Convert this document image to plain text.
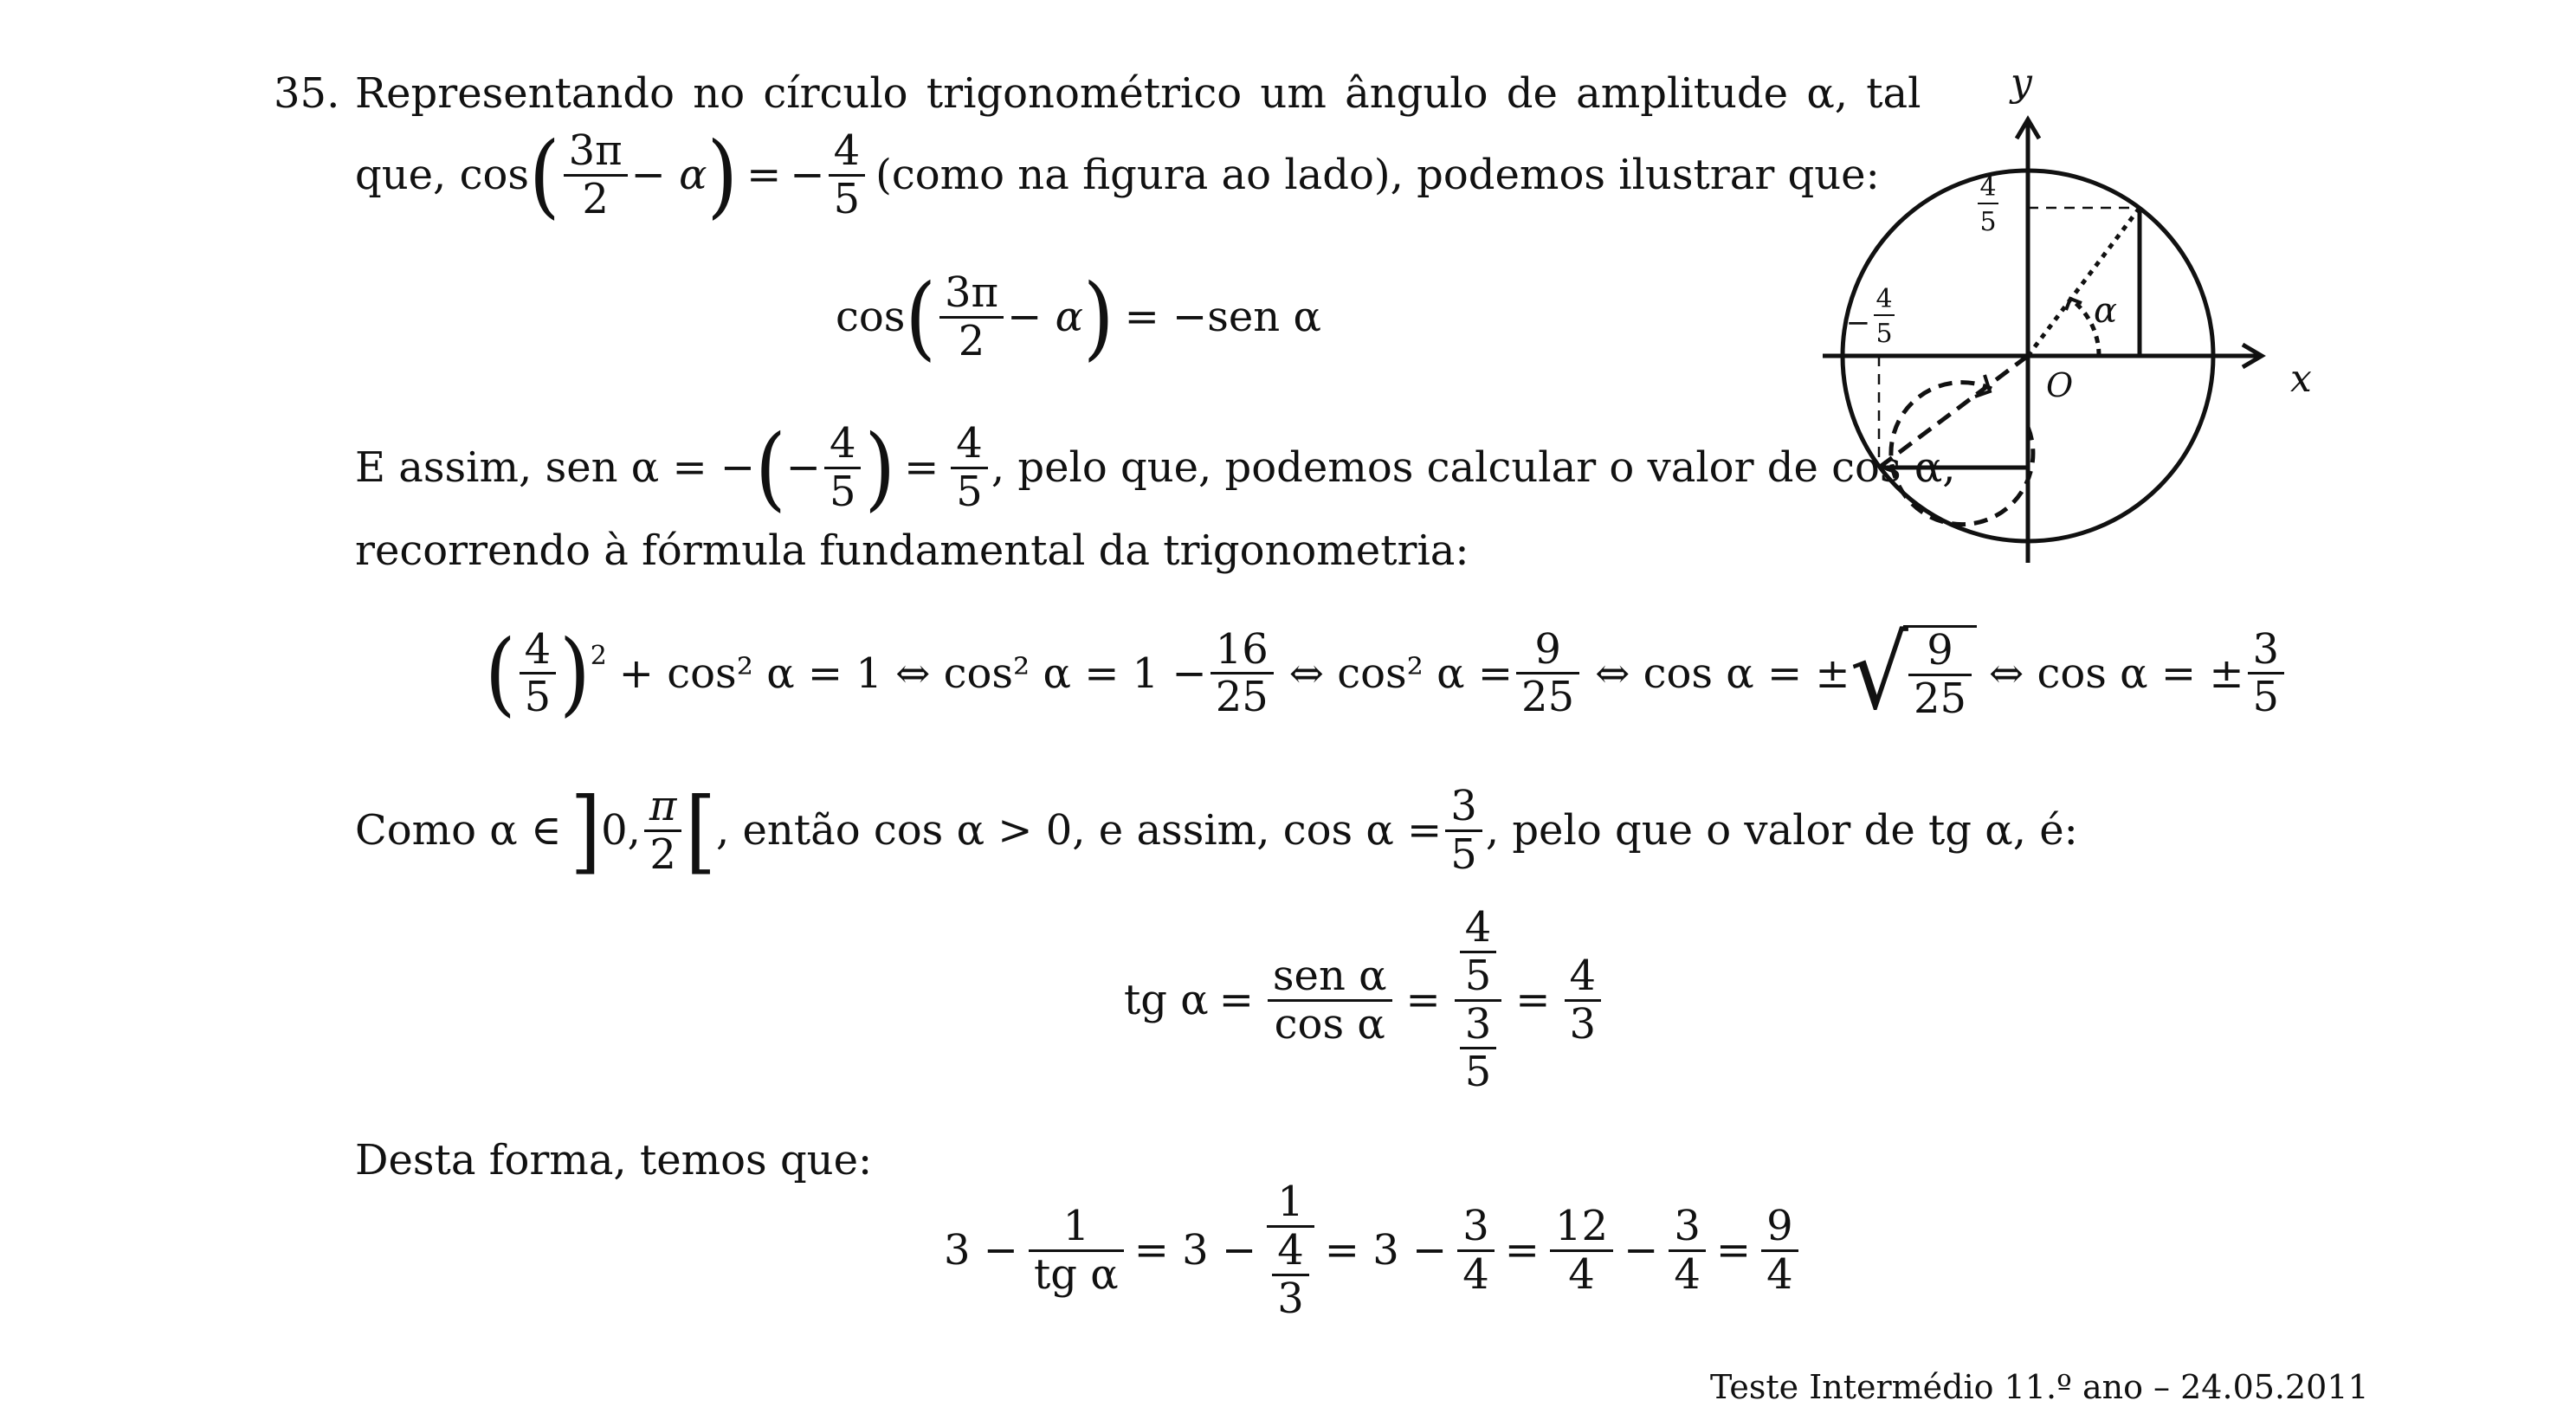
35. Representando no círculo trigonométrico um ângulo de amplitude α, tal
que, cos ( $\frac{3\pi}{2} - \alpha$ ) = − $\frac{4}{5}$ (como na figura ao lado), podemos ilustrar que:
cos ( $\frac{3\pi}{2} - \alpha$ ) = −sen α
E assim, sen α = − ( − $\frac{4}{5}$ ) = $\frac{4}{5}$ , pelo que, podemos calcular o valor de cos α,
recorrendo à fórmula fundamental da trigonometria:
( $\frac{4}{5}$ ) 2 + cos² α = 1 ⇔ cos² $\alpha = 1 - \frac{16}{25}$ ⇔ cos² $\alpha = \frac{9}{25}$ ⇔ cos α = ± √ $\frac{9}{25}$ ⇔ cos α = ± $\frac{3}{5}$
Como α ∈ ] 0, $\frac{\pi}{2}$ [ , então cos α > 0, e assim, $\cos \alpha = \frac{3}{5}$ , pelo que o valor de tg α, é:
tg $\alpha = \frac{\text{sen α}}{\text{cos α}} = \frac{\frac{4}{5}}{\frac{3}{5}} = \frac{4}{3}$
Desta forma, temos que:
$3 - \frac{1}{\text{tg α}} = 3 - \frac{1}{\frac{4}{3}} = 3 - \frac{3}{4} = \frac{12}{4} - \frac{3}{4} = \frac{9}{4}$
Teste Intermédio 11.º ano – 24.05.2011
y
x
O
α
4
5
−
4
5
